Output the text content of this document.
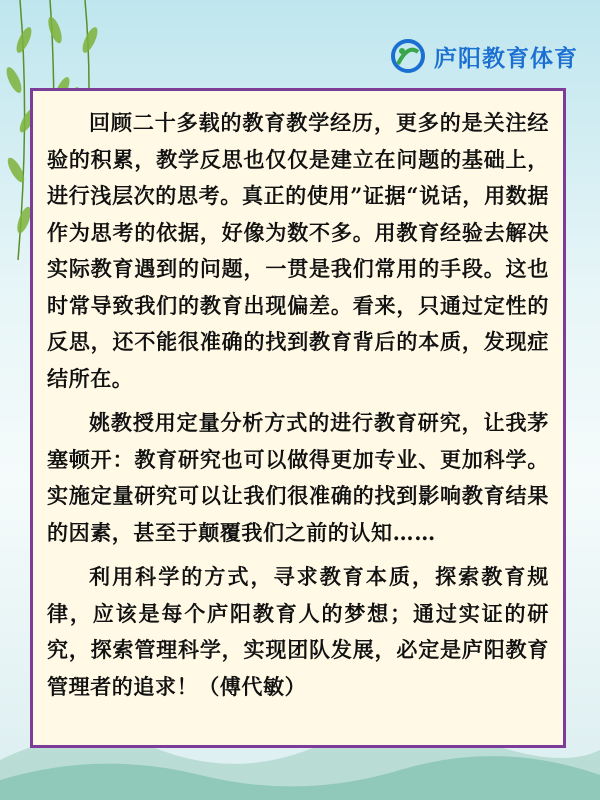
庐阳教育体育

回顾二十多载的教育教学经历，更多的是关注经验的积累，教学反思也仅仅是建立在问题的基础上，进行浅层次的思考。真正的使用”证据“说话，用数据作为思考的依据，好像为数不多。用教育经验去解决实际教育遇到的问题，一贯是我们常用的手段。这也时常导致我们的教育出现偏差。看来，只通过定性的反思，还不能很准确的找到教育背后的本质，发现症结所在。

姚教授用定量分析方式的进行教育研究，让我茅塞顿开：教育研究也可以做得更加专业、更加科学。实施定量研究可以让我们很准确的找到影响教育结果的因素，甚至于颠覆我们之前的认知……

利用科学的方式，寻求教育本质，探索教育规律，应该是每个庐阳教育人的梦想；通过实证的研究，探索管理科学，实现团队发展，必定是庐阳教育管理者的追求！（傅代敏）
